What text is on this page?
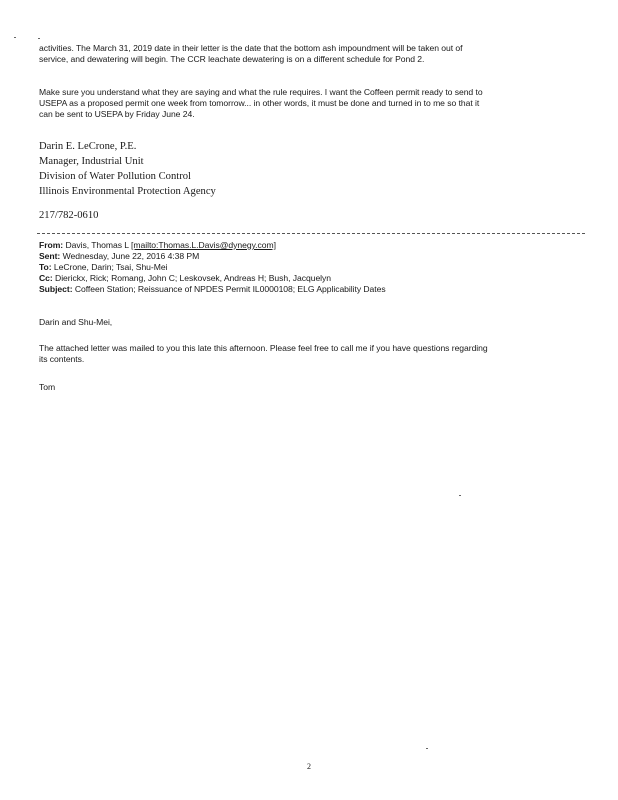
activities. The March 31, 2019 date in their letter is the date that the bottom ash impoundment will be taken out of
service, and dewatering will begin. The CCR leachate dewatering is on a different schedule for Pond 2.
Make sure you understand what they are saying and what the rule requires. I want the Coffeen permit ready to send to
USEPA as a proposed permit one week from tomorrow... in other words, it must be done and turned in to me so that it
can be sent to USEPA by Friday June 24.
Darin E. LeCrone, P.E.
Manager, Industrial Unit
Division of Water Pollution Control
Illinois Environmental Protection Agency
217/782-0610
From: Davis, Thomas L [mailto:Thomas.L.Davis@dynegy.com]
Sent: Wednesday, June 22, 2016 4:38 PM
To: LeCrone, Darin; Tsai, Shu-Mei
Cc: Dierickx, Rick; Romang, John C; Leskovsek, Andreas H; Bush, Jacquelyn
Subject: Coffeen Station; Reissuance of NPDES Permit IL0000108; ELG Applicability Dates
Darin and Shu-Mei,
The attached letter was mailed to you this late this afternoon. Please feel free to call me if you have questions regarding
its contents.
Tom
2
